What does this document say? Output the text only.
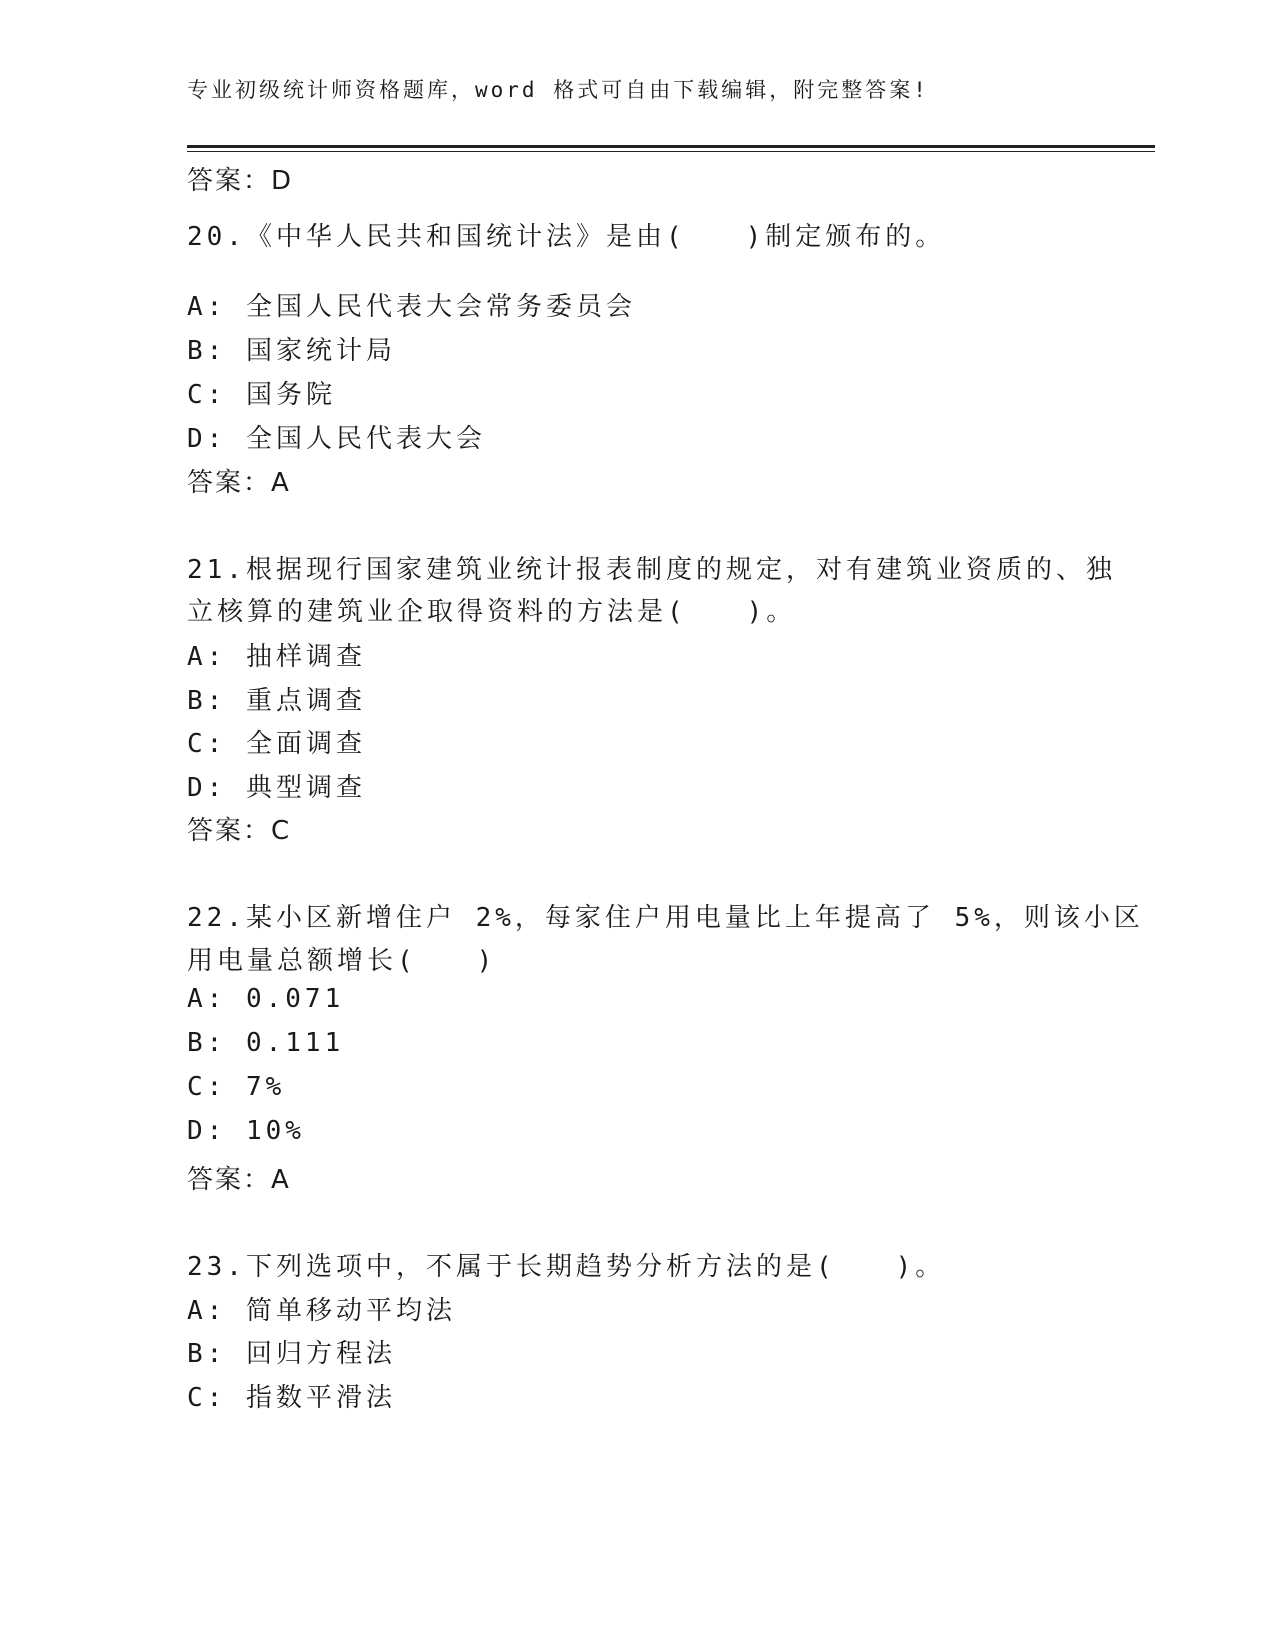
专业初级统计师资格题库，word 格式可自由下载编辑，附完整答案!
答案：D
20.《中华人民共和国统计法》是由(　　)制定颁布的。
A: 全国人民代表大会常务委员会
B: 国家统计局
C: 国务院
D: 全国人民代表大会
答案：A
21.根据现行国家建筑业统计报表制度的规定，对有建筑业资质的、独
立核算的建筑业企取得资料的方法是(　　)。
A: 抽样调查
B: 重点调查
C: 全面调查
D: 典型调查
答案：C
22.某小区新增住户 2%，每家住户用电量比上年提高了 5%，则该小区
用电量总额增长(　　)
A: 0.071
B: 0.111
C: 7%
D: 10%
答案：A
23.下列选项中，不属于长期趋势分析方法的是(　　)。
A: 简单移动平均法
B: 回归方程法
C: 指数平滑法
